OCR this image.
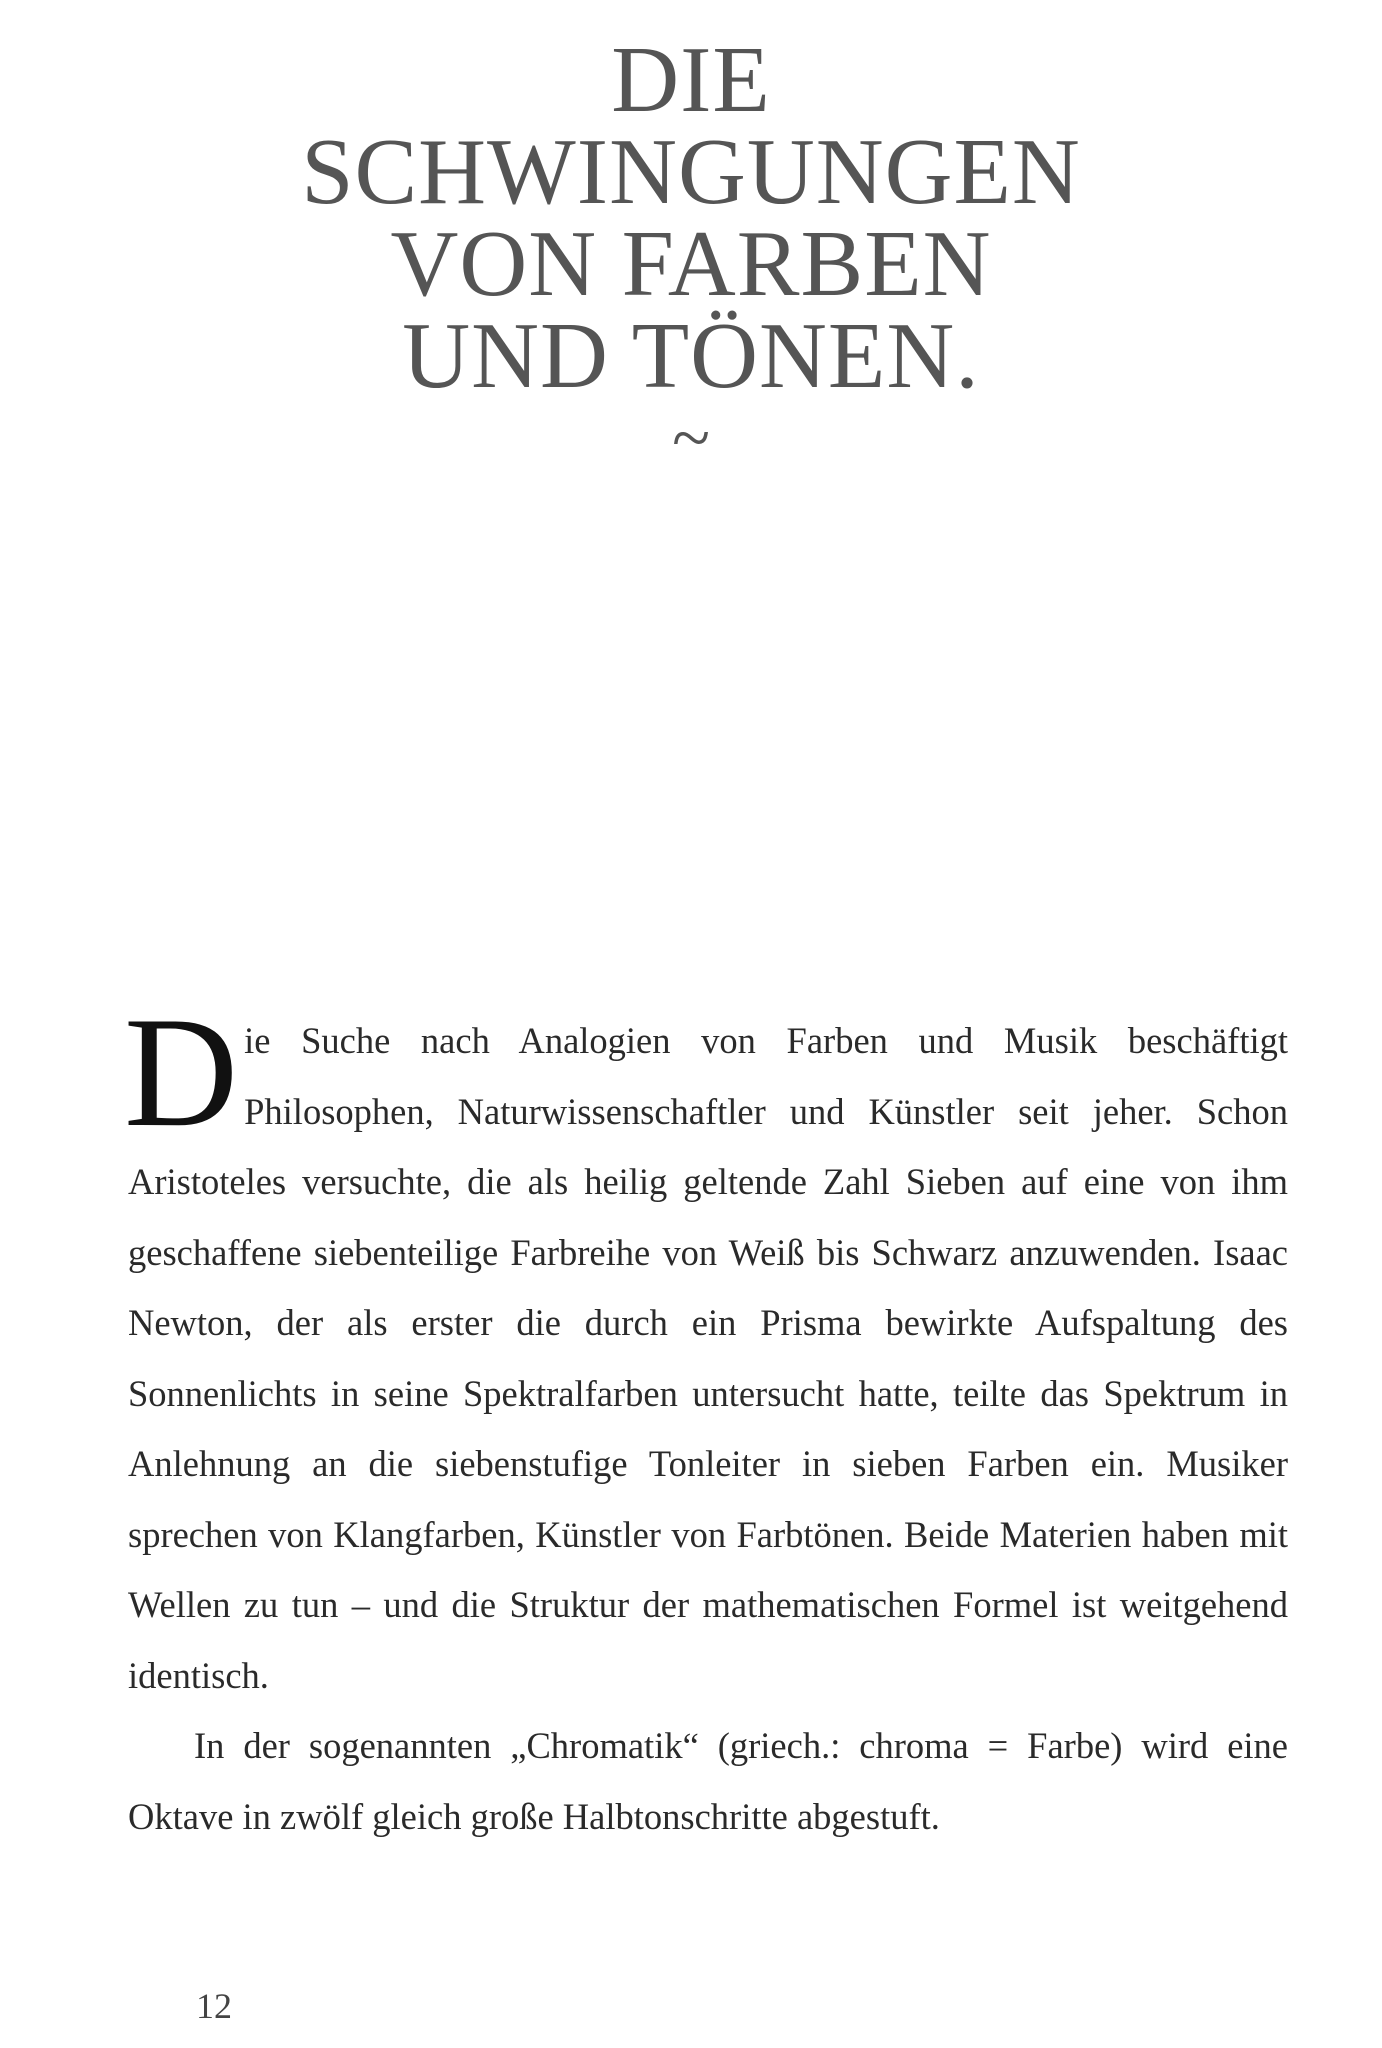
DIE
SCHWINGUNGEN
VON FARBEN
UND TÖNEN.
~

Die Suche nach Analogien von Farben und Musik beschäftigt Philosophen, Naturwissenschaftler und Künstler seit jeher. Schon Aristoteles versuchte, die als heilig geltende Zahl Sieben auf eine von ihm geschaffene siebenteilige Farbreihe von Weiß bis Schwarz anzuwenden. Isaac Newton, der als erster die durch ein Prisma bewirkte Aufspaltung des Sonnenlichts in seine Spektralfarben untersucht hatte, teilte das Spektrum in Anlehnung an die siebenstufige Tonleiter in sieben Farben ein. Musiker sprechen von Klangfarben, Künstler von Farbtönen. Beide Materien haben mit Wellen zu tun – und die Struktur der mathematischen Formel ist weitgehend identisch.

In der sogenannten „Chromatik“ (griech.: chroma = Farbe) wird eine Oktave in zwölf gleich große Halbtonschritte abgestuft.

12
